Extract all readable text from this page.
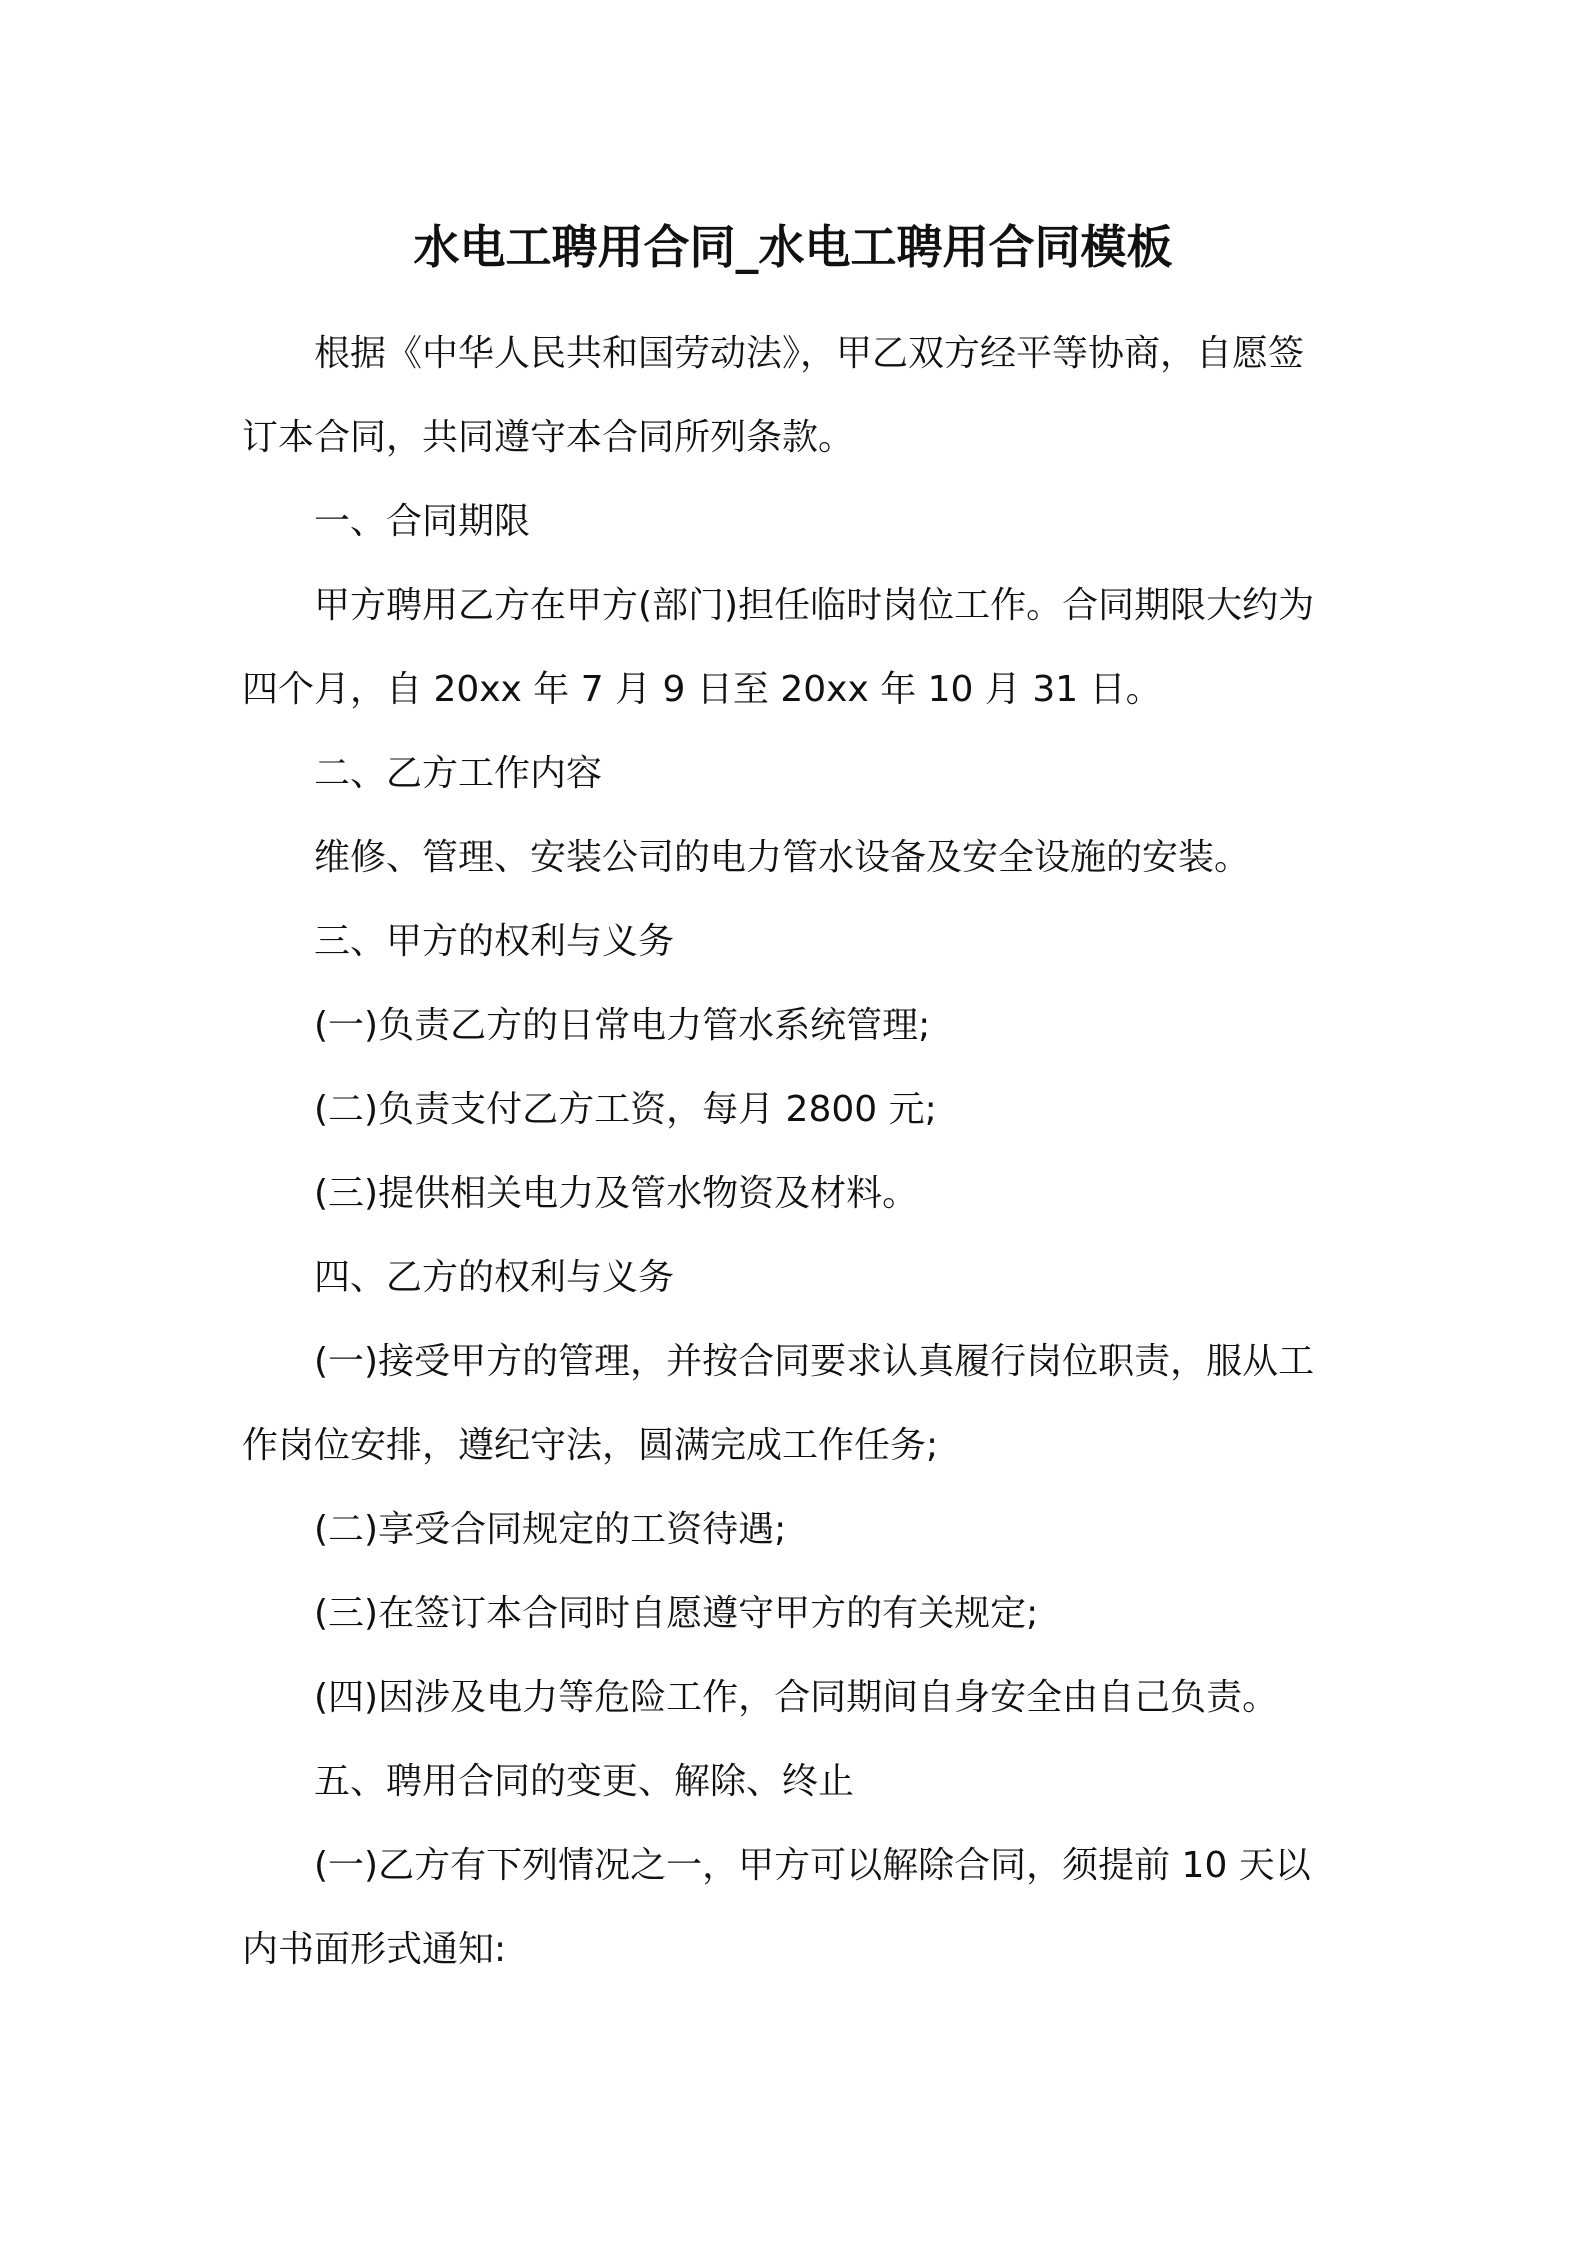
水电工聘用合同_水电工聘用合同模板
根据《中华人民共和国劳动法》，甲乙双方经平等协商，自愿签
订本合同，共同遵守本合同所列条款。
一、合同期限
甲方聘用乙方在甲方(部门)担任临时岗位工作。合同期限大约为
四个月，自 20xx 年 7 月 9 日至 20xx 年 10 月 31 日。
二、乙方工作内容
维修、管理、安装公司的电力管水设备及安全设施的安装。
三、甲方的权利与义务
(一)负责乙方的日常电力管水系统管理;
(二)负责支付乙方工资，每月 2800 元;
(三)提供相关电力及管水物资及材料。
四、乙方的权利与义务
(一)接受甲方的管理，并按合同要求认真履行岗位职责，服从工
作岗位安排，遵纪守法，圆满完成工作任务;
(二)享受合同规定的工资待遇;
(三)在签订本合同时自愿遵守甲方的有关规定;
(四)因涉及电力等危险工作，合同期间自身安全由自己负责。
五、聘用合同的变更、解除、终止
(一)乙方有下列情况之一，甲方可以解除合同，须提前 10 天以
内书面形式通知:
